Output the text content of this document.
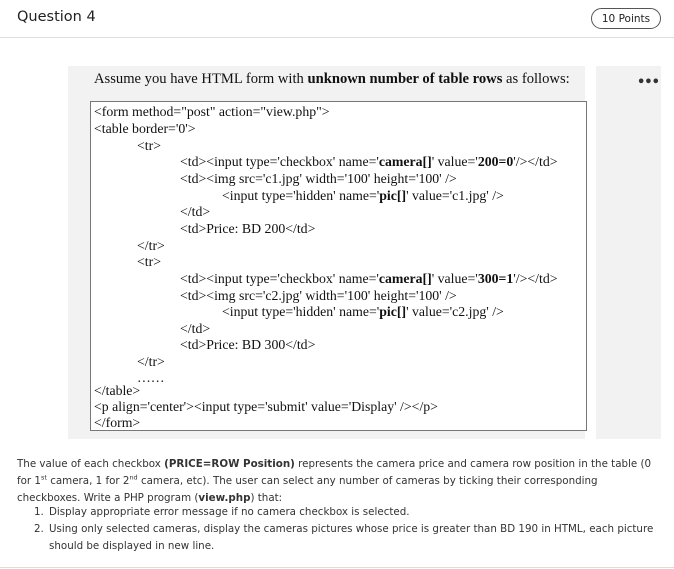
Question 4	10 Points
•••
Assume you have HTML form with unknown number of table rows as follows:
<form method="post" action="view.php">
<table border='0'>
<tr>
<td><input type='checkbox' name='camera[]' value='200=0'/></td>
<td><img src='c1.jpg' width='100' height='100' />
<input type='hidden' name='pic[]' value='c1.jpg' />
</td>
<td>Price: BD 200</td>
</tr>
<tr>
<td><input type='checkbox' name='camera[]' value='300=1'/></td>
<td><img src='c2.jpg' width='100' height='100' />
<input type='hidden' name='pic[]' value='c2.jpg' />
</td>
<td>Price: BD 300</td>
</tr>
……
</table>
<p align='center'><input type='submit' value='Display' /></p>
</form>
The value of each checkbox (PRICE=ROW Position) represents the camera price and camera row position in the table (0 for 1st camera, 1 for 2nd camera, etc). The user can select any number of cameras by ticking their corresponding checkboxes. Write a PHP program (view.php) that:
1. Display appropriate error message if no camera checkbox is selected.
2. Using only selected cameras, display the cameras pictures whose price is greater than BD 190 in HTML, each picture should be displayed in new line.
